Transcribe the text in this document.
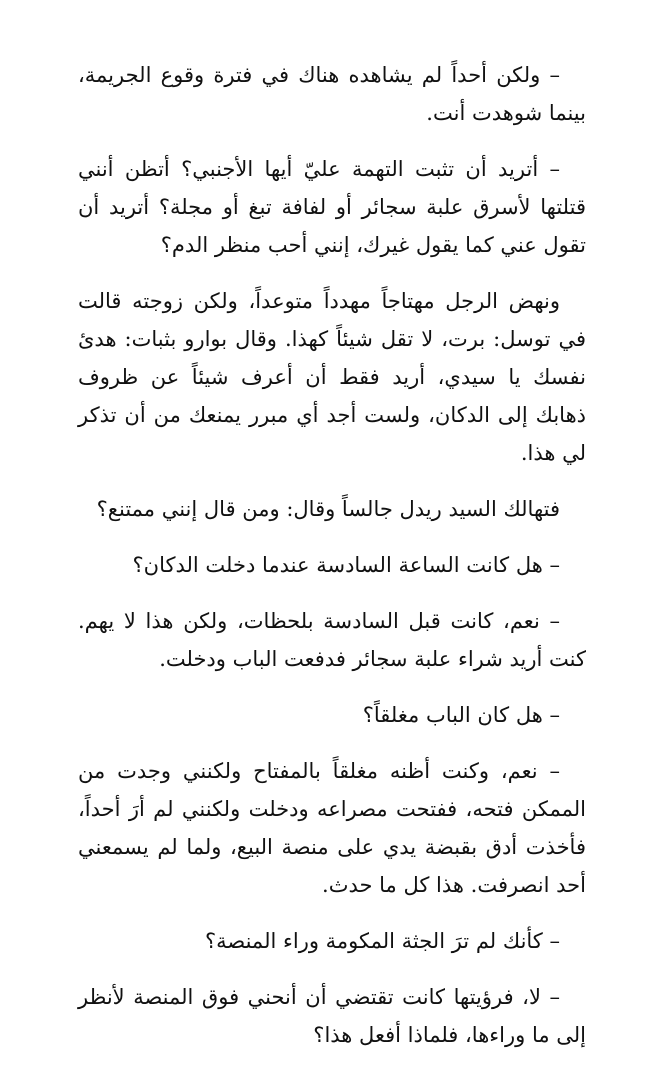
– ولكن أحداً لم يشاهده هناك في فترة وقوع الجريمة، بينما شوهدت أنت.

– أتريد أن تثبت التهمة عليّ أيها الأجنبي؟ أتظن أنني قتلتها لأسرق علبة سجائر أو لفافة تبغ أو مجلة؟ أتريد أن تقول عني كما يقول غيرك، إنني أحب منظر الدم؟

ونهض الرجل مهتاجاً مهدداً متوعداً، ولكن زوجته قالت في توسل: برت، لا تقل شيئاً كهذا. وقال بوارو بثبات: هدئ نفسك يا سيدي، أريد فقط أن أعرف شيئاً عن ظروف ذهابك إلى الدكان، ولست أجد أي مبرر يمنعك من أن تذكر لي هذا.

فتهالك السيد ريدل جالساً وقال: ومن قال إنني ممتنع؟

– هل كانت الساعة السادسة عندما دخلت الدكان؟

– نعم، كانت قبل السادسة بلحظات، ولكن هذا لا يهم. كنت أريد شراء علبة سجائر فدفعت الباب ودخلت.

– هل كان الباب مغلقاً؟

– نعم، وكنت أظنه مغلقاً بالمفتاح ولكنني وجدت من الممكن فتحه، ففتحت مصراعه ودخلت ولكنني لم أرَ أحداً، فأخذت أدق بقبضة يدي على منصة البيع، ولما لم يسمعني أحد انصرفت. هذا كل ما حدث.

– كأنك لم ترَ الجثة المكومة وراء المنصة؟

– لا، فرؤيتها كانت تقتضي أن أنحني فوق المنصة لأنظر إلى ما وراءها، فلماذا أفعل هذا؟
